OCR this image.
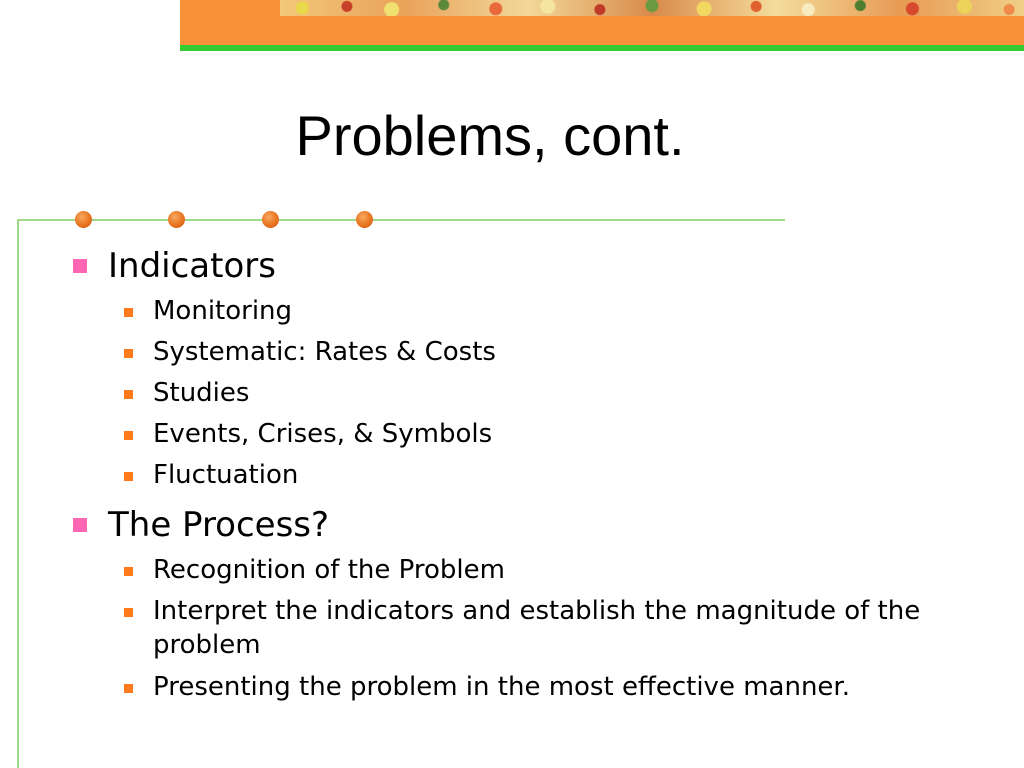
Problems, cont.
Indicators
Monitoring
Systematic: Rates & Costs
Studies
Events, Crises, & Symbols
Fluctuation
The Process?
Recognition of the Problem
Interpret the indicators and establish the magnitude of the problem
Presenting the problem in the most effective manner.
